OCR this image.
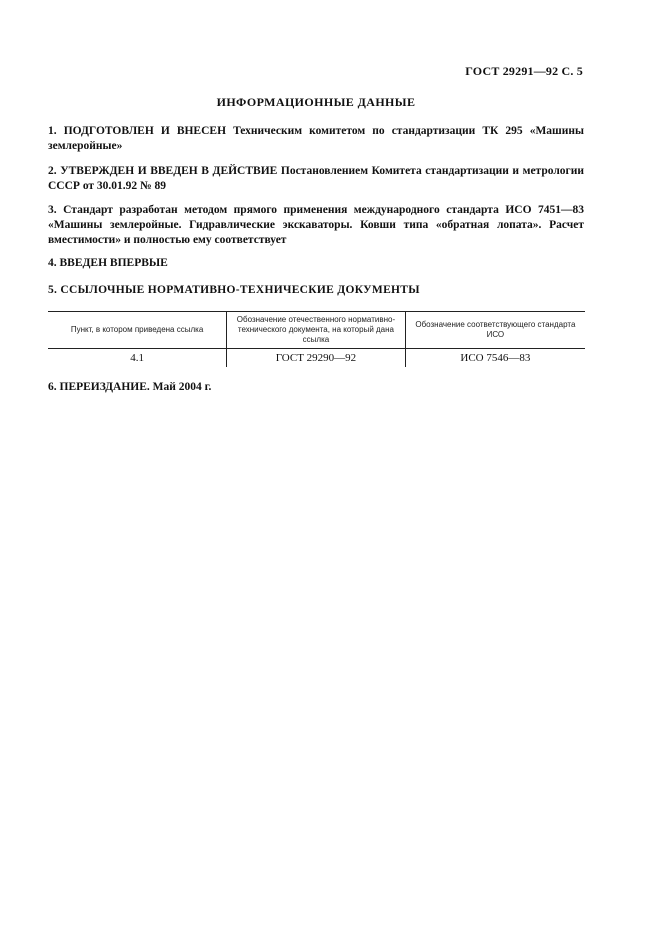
ГОСТ 29291—92 С. 5
ИНФОРМАЦИОННЫЕ ДАННЫЕ
1. ПОДГОТОВЛЕН И ВНЕСЕН Техническим комитетом по стандартизации ТК 295 «Машины землеройные»
2. УТВЕРЖДЕН И ВВЕДЕН В ДЕЙСТВИЕ Постановлением Комитета стандартизации и метрологии СССР от 30.01.92 № 89
3. Стандарт разработан методом прямого применения международного стандарта ИСО 7451—83 «Машины землеройные. Гидравлические экскаваторы. Ковши типа «обратная лопата». Расчет вместимости» и полностью ему соответствует
4. ВВЕДЕН ВПЕРВЫЕ
5. ССЫЛОЧНЫЕ НОРМАТИВНО-ТЕХНИЧЕСКИЕ ДОКУМЕНТЫ
Пункт, в котором приведена ссылка	Обозначение отечественного нормативно-технического документа, на который дана ссылка	Обозначение соответствующего стандарта ИСО
4.1	ГОСТ 29290—92	ИСО 7546—83
6. ПЕРЕИЗДАНИЕ. Май 2004 г.
